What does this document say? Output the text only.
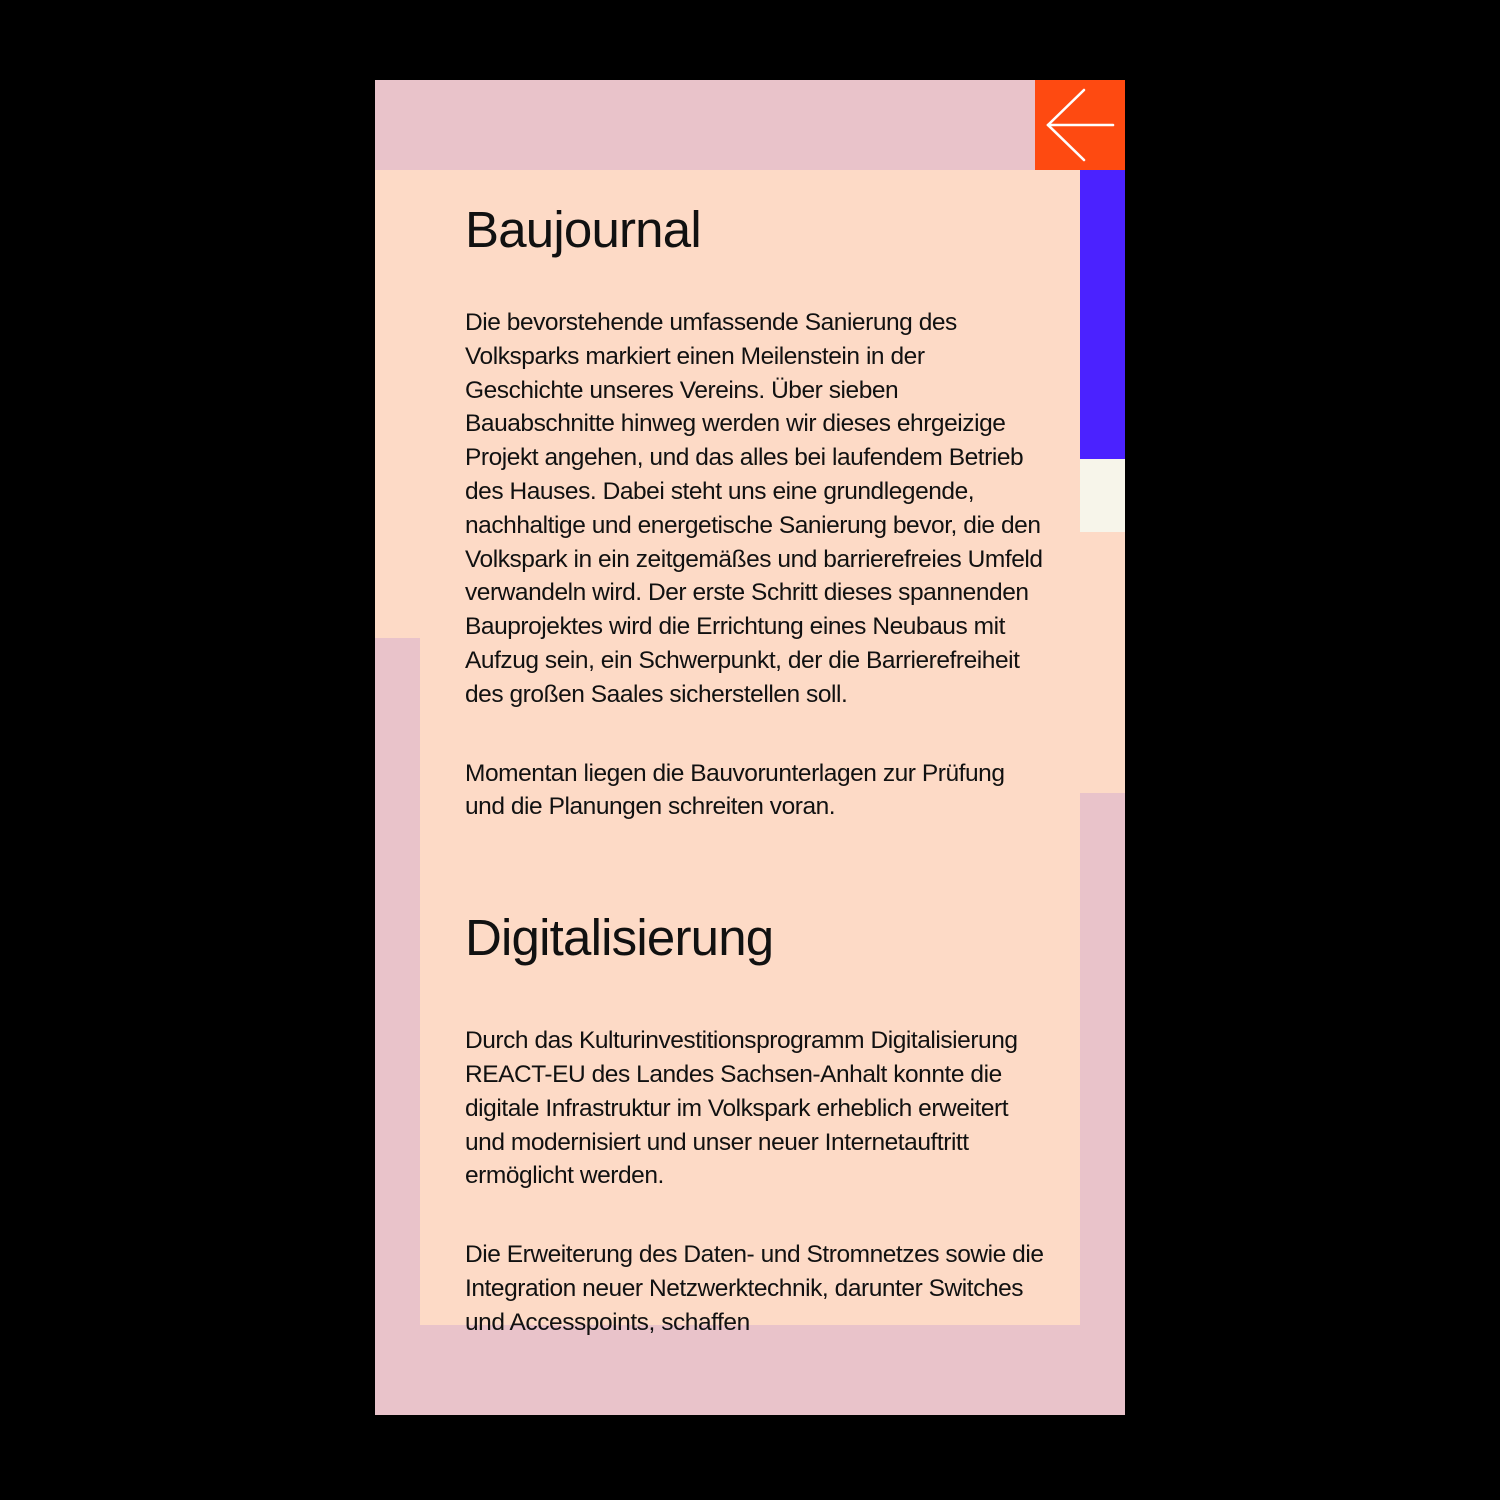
Baujournal

Die bevorstehende umfassende Sanierung des Volksparks markiert einen Meilenstein in der Geschichte unseres Vereins. Über sieben Bauabschnitte hinweg werden wir dieses ehrgeizige Projekt angehen, und das alles bei laufendem Betrieb des Hauses. Dabei steht uns eine grundlegende, nachhaltige und energetische Sanierung bevor, die den Volkspark in ein zeitgemäßes und barrierefreies Umfeld verwandeln wird. Der erste Schritt dieses spannenden Bauprojektes wird die Errichtung eines Neubaus mit Aufzug sein, ein Schwerpunkt, der die Barrierefreiheit des großen Saales sicherstellen soll.

Momentan liegen die Bauvorunterlagen zur Prüfung und die Planungen schreiten voran.

Digitalisierung

Durch das Kulturinvestitionsprogramm Digitalisierung REACT-EU des Landes Sachsen-Anhalt konnte die digitale Infrastruktur im Volkspark erheblich erweitert und modernisiert und unser neuer Internetauftritt ermöglicht werden.

Die Erweiterung des Daten- und Stromnetzes sowie die Integration neuer Netzwerktechnik, darunter Switches und Accesspoints, schaffen
